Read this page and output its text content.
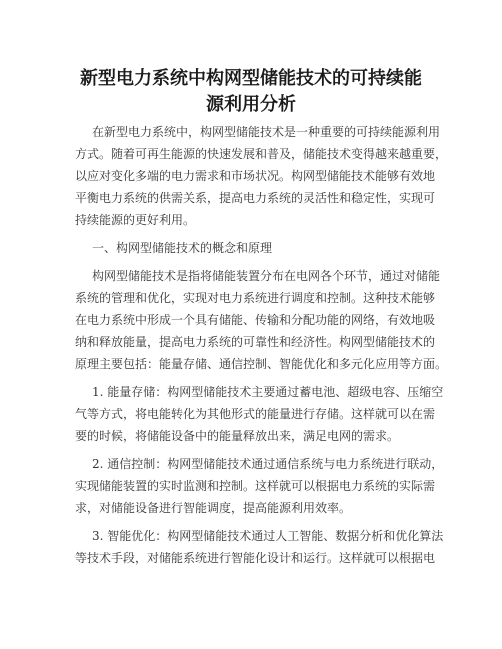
新型电力系统中构网型储能技术的可持续能
源利用分析
在新型电力系统中，构网型储能技术是一种重要的可持续能源利用
方式。随着可再生能源的快速发展和普及，储能技术变得越来越重要，
以应对变化多端的电力需求和市场状况。构网型储能技术能够有效地
平衡电力系统的供需关系，提高电力系统的灵活性和稳定性，实现可
持续能源的更好利用。
一、构网型储能技术的概念和原理
构网型储能技术是指将储能装置分布在电网各个环节，通过对储能
系统的管理和优化，实现对电力系统进行调度和控制。这种技术能够
在电力系统中形成一个具有储能、传输和分配功能的网络，有效地吸
纳和释放能量，提高电力系统的可靠性和经济性。构网型储能技术的
原理主要包括：能量存储、通信控制、智能优化和多元化应用等方面。
1. 能量存储：构网型储能技术主要通过蓄电池、超级电容、压缩空
气等方式，将电能转化为其他形式的能量进行存储。这样就可以在需
要的时候，将储能设备中的能量释放出来，满足电网的需求。
2. 通信控制：构网型储能技术通过通信系统与电力系统进行联动，
实现储能装置的实时监测和控制。这样就可以根据电力系统的实际需
求，对储能设备进行智能调度，提高能源利用效率。
3. 智能优化：构网型储能技术通过人工智能、数据分析和优化算法
等技术手段，对储能系统进行智能化设计和运行。这样就可以根据电
